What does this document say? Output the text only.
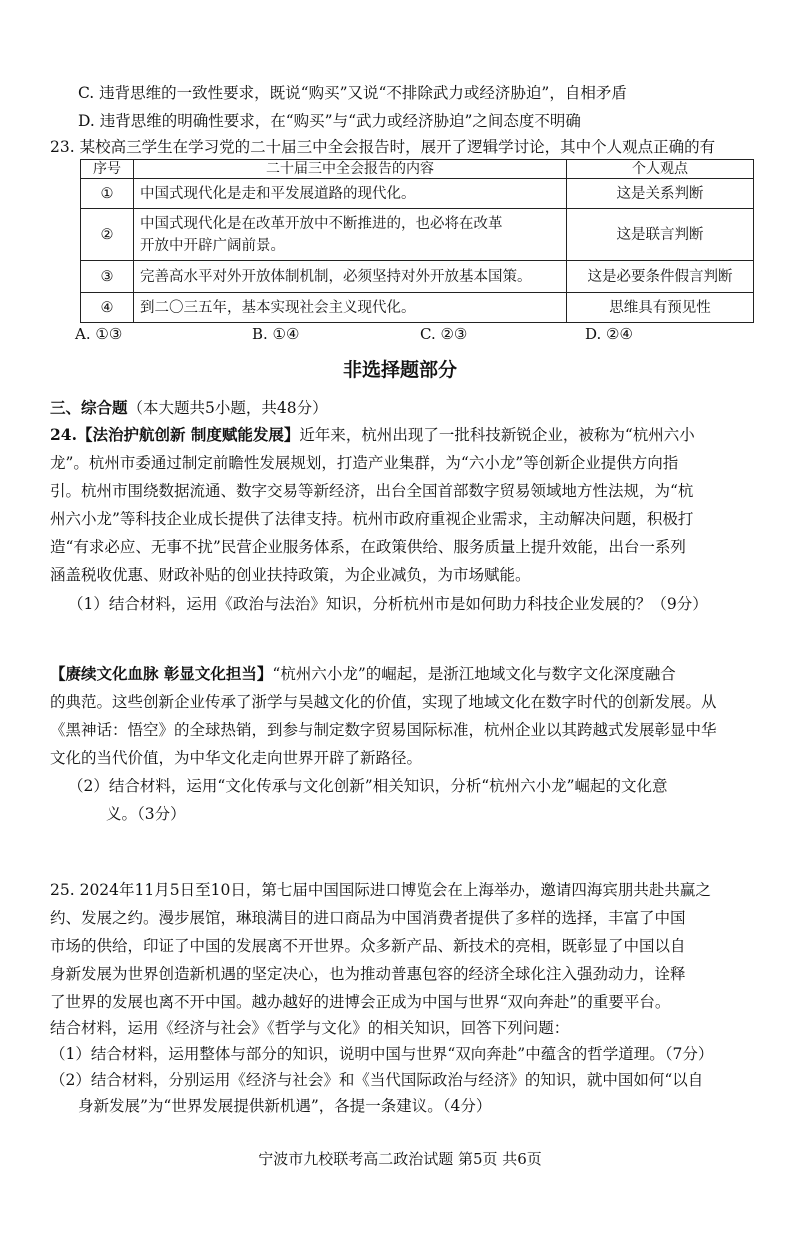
C. 违背思维的一致性要求，既说“购买”又说“不排除武力或经济胁迫”，自相矛盾
D. 违背思维的明确性要求，在“购买”与“武力或经济胁迫”之间态度不明确
23. 某校高三学生在学习党的二十届三中全会报告时，展开了逻辑学讨论，其中个人观点正确的有
序号	二十届三中全会报告的内容	个人观点
①	中国式现代化是走和平发展道路的现代化。	这是关系判断
②	中国式现代化是在改革开放中不断推进的，也必将在改革
开放中开辟广阔前景。	这是联言判断
③	完善高水平对外开放体制机制，必须坚持对外开放基本国策。	这是必要条件假言判断
④	到二〇三五年，基本实现社会主义现代化。	思维具有预见性
A. ①③	B. ①④	C. ②③	D. ②④
非选择题部分
三、综合题（本大题共5小题，共48分）
24.【法治护航创新 制度赋能发展】近年来，杭州出现了一批科技新锐企业，被称为“杭州六小
龙”。杭州市委通过制定前瞻性发展规划，打造产业集群，为“六小龙”等创新企业提供方向指
引。杭州市围绕数据流通、数字交易等新经济，出台全国首部数字贸易领域地方性法规，为“杭
州六小龙”等科技企业成长提供了法律支持。杭州市政府重视企业需求，主动解决问题，积极打
造“有求必应、无事不扰”民营企业服务体系，在政策供给、服务质量上提升效能，出台一系列
涵盖税收优惠、财政补贴的创业扶持政策，为企业减负，为市场赋能。
（1）结合材料，运用《政治与法治》知识，分析杭州市是如何助力科技企业发展的？（9分）
【赓续文化血脉 彰显文化担当】“杭州六小龙”的崛起，是浙江地域文化与数字文化深度融合
的典范。这些创新企业传承了浙学与吴越文化的价值，实现了地域文化在数字时代的创新发展。从
《黑神话：悟空》的全球热销，到参与制定数字贸易国际标准，杭州企业以其跨越式发展彰显中华
文化的当代价值，为中华文化走向世界开辟了新路径。
（2）结合材料，运用“文化传承与文化创新”相关知识，分析“杭州六小龙”崛起的文化意
义。（3分）
25. 2024年11月5日至10日，第七届中国国际进口博览会在上海举办，邀请四海宾朋共赴共赢之
约、发展之约。漫步展馆，琳琅满目的进口商品为中国消费者提供了多样的选择，丰富了中国
市场的供给，印证了中国的发展离不开世界。众多新产品、新技术的亮相，既彰显了中国以自
身新发展为世界创造新机遇的坚定决心，也为推动普惠包容的经济全球化注入强劲动力，诠释
了世界的发展也离不开中国。越办越好的进博会正成为中国与世界“双向奔赴”的重要平台。
结合材料，运用《经济与社会》《哲学与文化》的相关知识，回答下列问题：
（1）结合材料，运用整体与部分的知识，说明中国与世界“双向奔赴”中蕴含的哲学道理。（7分）
（2）结合材料，分别运用《经济与社会》和《当代国际政治与经济》的知识，就中国如何“以自
身新发展”为“世界发展提供新机遇”，各提一条建议。（4分）
宁波市九校联考高二政治试题 第5页 共6页
